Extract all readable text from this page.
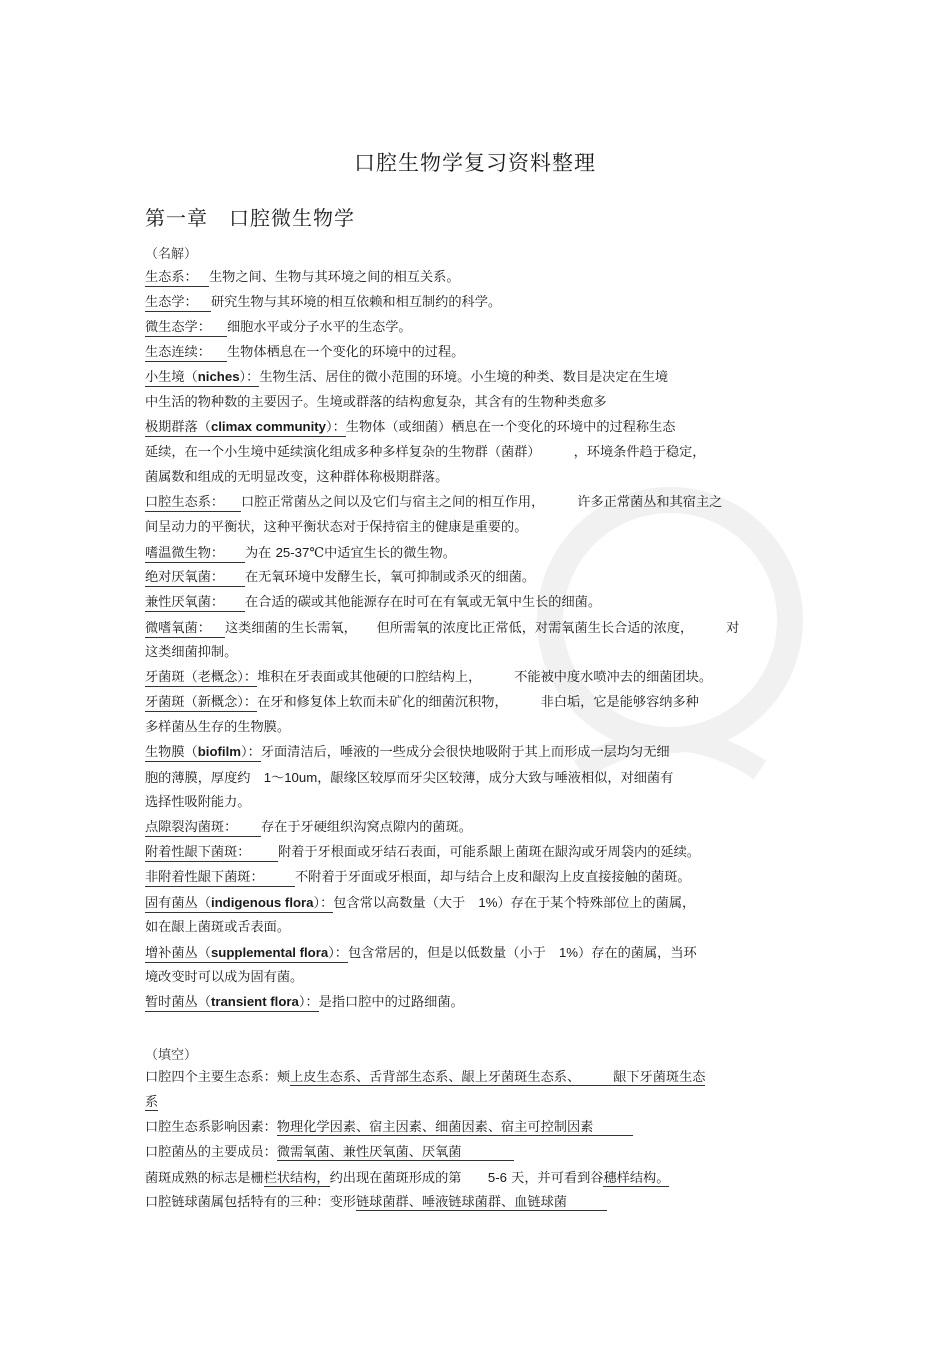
口腔生物学复习资料整理
第一章　口腔微生物学
（名解）
生态系： 生物之间、生物与其环境之间的相互关系。
生态学： 研究生物与其环境的相互依赖和相互制约的科学。
微生态学： 细胞水平或分子水平的生态学。
生态连续： 生物体栖息在一个变化的环境中的过程。
小生境（niches）：生物生活、居住的微小范围的环境。小生境的种类、数目是决定在生境
中生活的物种数的主要因子。生境或群落的结构愈复杂，其含有的生物种类愈多
极期群落（climax community）：生物体（或细菌）栖息在一个变化的环境中的过程称生态
延续，在一个小生境中延续演化组成多种多样复杂的生物群（菌群）　　　，环境条件趋于稳定，
菌属数和组成的无明显改变，这种群体称极期群落。
口腔生态系： 口腔正常菌丛之间以及它们与宿主之间的相互作用，　　　许多正常菌丛和其宿主之
间呈动力的平衡状，这种平衡状态对于保持宿主的健康是重要的。
嗜温微生物： 为在 25-37℃中适宜生长的微生物。
绝对厌氧菌： 在无氧环境中发酵生长，氧可抑制或杀灭的细菌。
兼性厌氧菌： 在合适的碳或其他能源存在时可在有氧或无氧中生长的细菌。
微嗜氧菌： 这类细菌的生长需氧，　　但所需氧的浓度比正常低，对需氧菌生长合适的浓度，　　　对
这类细菌抑制。
牙菌斑（老概念）：堆积在牙表面或其他硬的口腔结构上，　　　不能被中度水喷冲去的细菌团块。
牙菌斑（新概念）：在牙和修复体上软而未矿化的细菌沉积物，　　　非白垢，它是能够容纳多种
多样菌丛生存的生物膜。
生物膜（biofilm）：牙面清洁后，唾液的一些成分会很快地吸附于其上而形成一层均匀无细
胞的薄膜，厚度约　1～10um，龈缘区较厚而牙尖区较薄，成分大致与唾液相似，对细菌有
选择性吸附能力。
点隙裂沟菌斑： 存在于牙硬组织沟窝点隙内的菌斑。
附着性龈下菌斑： 附着于牙根面或牙结石表面，可能系龈上菌斑在龈沟或牙周袋内的延续。
非附着性龈下菌斑： 不附着于牙面或牙根面，却与结合上皮和龈沟上皮直接接触的菌斑。
固有菌丛（indigenous flora）：包含常以高数量（大于　1%）存在于某个特殊部位上的菌属，
如在龈上菌斑或舌表面。
增补菌丛（supplemental flora）：包含常居的，但是以低数量（小于　1%）存在的菌属，当环
境改变时可以成为固有菌。
暂时菌丛（transient flora）：是指口腔中的过路细菌。
（填空）
口腔四个主要生态系：颊上皮生态系、舌背部生态系、龈上牙菌斑生态系、　　　龈下牙菌斑生态
系
口腔生态系影响因素：物理化学因素、宿主因素、细菌因素、宿主可控制因素　　　
口腔菌丛的主要成员：微需氧菌、兼性厌氧菌、厌氧菌　　　　
菌斑成熟的标志是栅栏状结构，约出现在菌斑形成的第　　5-6 天，并可看到谷穗样结构。
口腔链球菌属包括特有的三种：变形链球菌群、唾液链球菌群、血链球菌　　　
